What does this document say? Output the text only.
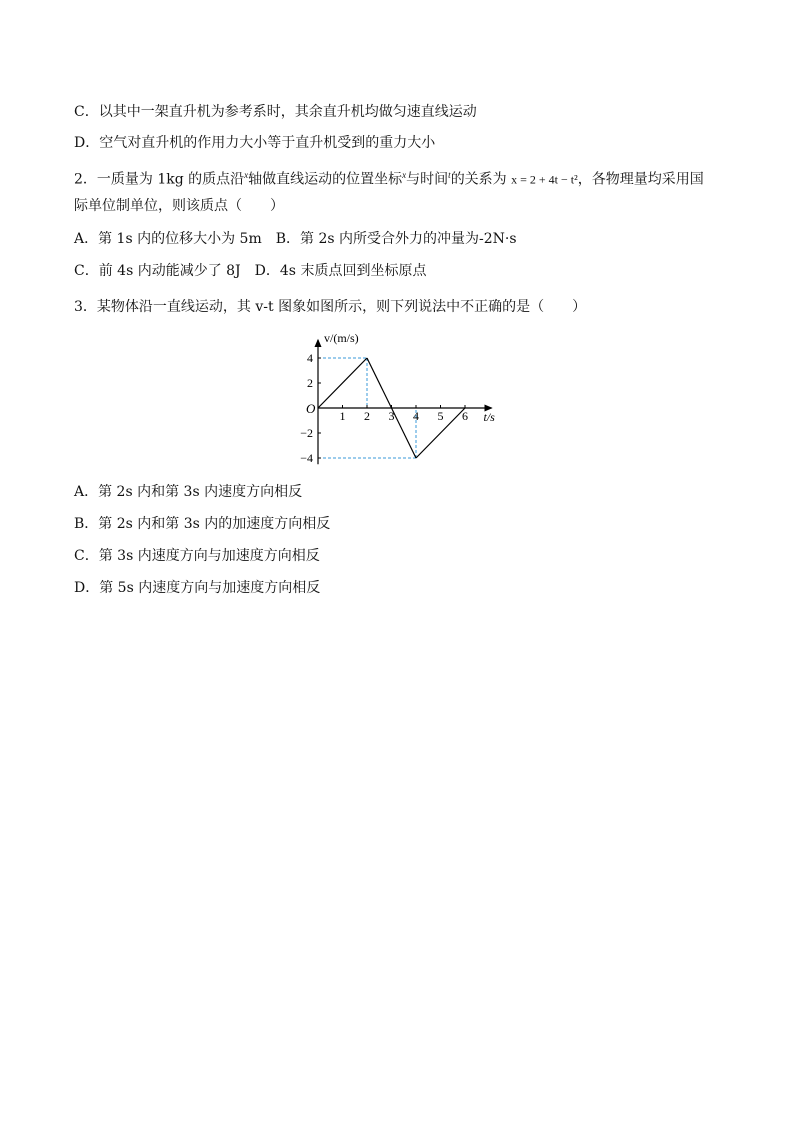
C．以其中一架直升机为参考系时，其余直升机均做匀速直线运动
D．空气对直升机的作用力大小等于直升机受到的重力大小
2．一质量为 1kg 的质点沿$^x$轴做直线运动的位置坐标$^x$与时间$^t$的关系为 x = 2 + 4t − t²，各物理量均采用国
际单位制单位，则该质点（　　）
A．第 1s 内的位移大小为 5m　B．第 2s 内所受合外力的冲量为-2N·s
C．前 4s 内动能减少了 8J　D．4s 末质点回到坐标原点
3．某物体沿一直线运动，其 v-t 图象如图所示，则下列说法中不正确的是（　　）
1 2 3 4 5 6
4
2
−2
−4
v/(m/s)
t/s
O
A．第 2s 内和第 3s 内速度方向相反
B．第 2s 内和第 3s 内的加速度方向相反
C．第 3s 内速度方向与加速度方向相反
D．第 5s 内速度方向与加速度方向相反
